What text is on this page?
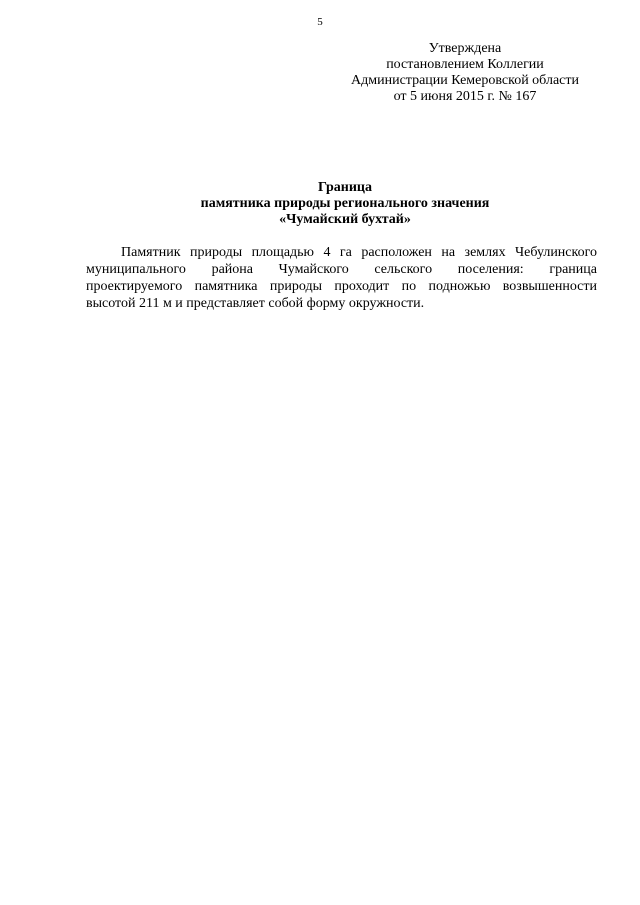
5
Утверждена
постановлением Коллегии
Администрации Кемеровской области
от 5 июня 2015 г. № 167
Граница
памятника природы регионального значения
«Чумайский бухтай»
Памятник природы площадью 4 га расположен на землях Чебулинского
муниципального района Чумайского сельского поселения: граница
проектируемого памятника природы проходит по подножью возвышенности
высотой 211 м и представляет собой форму окружности.
